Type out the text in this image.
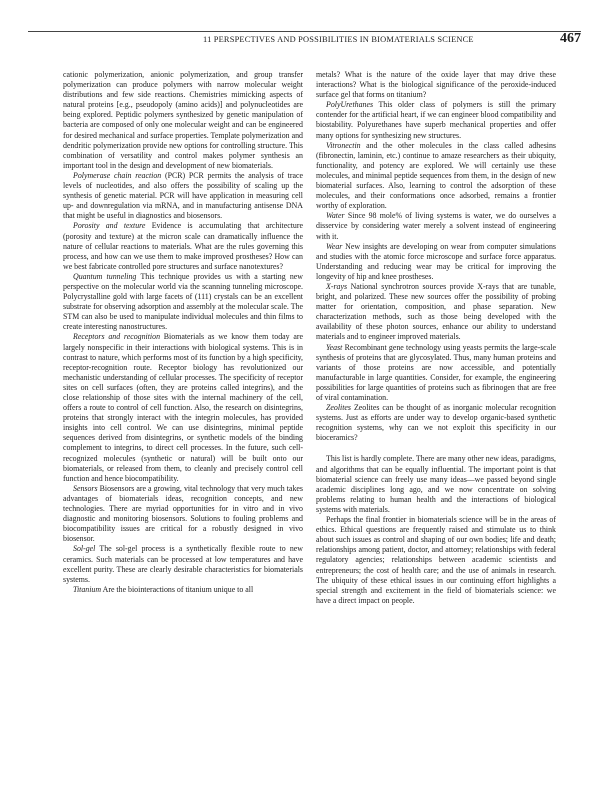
11 PERSPECTIVES AND POSSIBILITIES IN BIOMATERIALS SCIENCE	467

cationic polymerization, anionic polymerization, and group transfer polymerization can produce polymers with narrow molecular weight distributions and few side reactions. Chemistries mimicking aspects of natural proteins [e.g., pseudopoly (amino acids)] and polynucleotides are being explored. Peptidic polymers synthesized by genetic manipulation of bacteria are composed of only one molecular weight and can be engineered for desired mechanical and surface properties. Template polymerization and dendritic polymerization provide new options for controlling structure. This combination of versatility and control makes polymer synthesis an important tool in the design and development of new biomaterials.

Polymerase chain reaction (PCR) PCR permits the analysis of trace levels of nucleotides, and also offers the possibility of scaling up the synthesis of genetic material. PCR will have application in measuring cell up- and downregulation via mRNA, and in manufacturing antisense DNA that might be useful in diagnostics and biosensors.

Porosity and texture Evidence is accumulating that architecture (porosity and texture) at the micron scale can dramatically influence the nature of cellular reactions to materials. What are the rules governing this process, and how can we use them to make improved prostheses? How can we best fabricate controlled pore structures and surface nanotextures?

Quantum tunneling This technique provides us with a starting new perspective on the molecular world via the scanning tunneling microscope. Polycrystalline gold with large facets of (111) crystals can be an excellent substrate for observing adsorption and assembly at the molecular scale. The STM can also be used to manipulate individual molecules and thin films to create interesting nanostructures.

Receptors and recognition Biomaterials as we know them today are largely nonspecific in their interactions with biological systems. This is in contrast to nature, which performs most of its function by a high specificity, receptor-recognition route. Receptor biology has revolutionized our mechanistic understanding of cellular processes. The specificity of receptor sites on cell surfaces (often, they are proteins called integrins), and the close relationship of those sites with the internal machinery of the cell, offers a route to control of cell function. Also, the research on disintegrins, proteins that strongly interact with the integrin molecules, has provided insights into cell control. We can use disintegrins, minimal peptide sequences derived from disintegrins, or synthetic models of the binding complement to integrins, to direct cell processes. In the future, such cell-recognized molecules (synthetic or natural) will be built onto our biomaterials, or released from them, to cleanly and precisely control cell function and hence biocompatibility.

Sensors Biosensors are a growing, vital technology that very much takes advantages of biomaterials ideas, recognition concepts, and new technologies. There are myriad opportunities for in vitro and in vivo diagnostic and monitoring biosensors. Solutions to fouling problems and biocompatibility issues are critical for a robustly designed in vivo biosensor.

Sol-gel The sol-gel process is a synthetically flexible route to new ceramics. Such materials can be processed at low temperatures and have excellent purity. These are clearly desirable characteristics for biomaterials systems.

Titanium Are the biointeractions of titanium unique to all

metals? What is the nature of the oxide layer that may drive these interactions? What is the biological significance of the peroxide-induced surface gel that forms on titanium?

PolyUrethanes This older class of polymers is still the primary contender for the artificial heart, if we can engineer blood compatibility and biostability. Polyurethanes have superb mechanical properties and offer many options for synthesizing new structures.

Vitronectin and the other molecules in the class called adhesins (fibronectin, laminin, etc.) continue to amaze researchers as their ubiquity, functionality, and potency are explored. We will certainly use these molecules, and minimal peptide sequences from them, in the design of new biomaterial surfaces. Also, learning to control the adsorption of these molecules, and their conformations once adsorbed, remains a frontier worthy of exploration.

Water Since 98 mole% of living systems is water, we do ourselves a disservice by considering water merely a solvent instead of engineering with it.

Wear New insights are developing on wear from computer simulations and studies with the atomic force microscope and surface force apparatus. Understanding and reducing wear may be critical for improving the longevity of hip and knee prostheses.

X-rays National synchrotron sources provide X-rays that are tunable, bright, and polarized. These new sources offer the possibility of probing matter for orientation, composition, and phase separation. New characterization methods, such as those being developed with the availability of these photon sources, enhance our ability to understand materials and to engineer improved materials.

Yeast Recombinant gene technology using yeasts permits the large-scale synthesis of proteins that are glycosylated. Thus, many human proteins and variants of those proteins are now accessible, and potentially manufacturable in large quantities. Consider, for example, the engineering possibilities for large quantities of proteins such as fibrinogen that are free of viral contamination.

Zeolites Zeolites can be thought of as inorganic molecular recognition systems. Just as efforts are under way to develop organic-based synthetic recognition systems, why can we not exploit this specificity in our bioceramics?

This list is hardly complete. There are many other new ideas, paradigms, and algorithms that can be equally influential. The important point is that biomaterial science can freely use many ideas—we passed beyond single academic disciplines long ago, and we now concentrate on solving problems relating to human health and the interactions of biological systems with materials.

Perhaps the final frontier in biomaterials science will be in the areas of ethics. Ethical questions are frequently raised and stimulate us to think about such issues as control and shaping of our own bodies; life and death; relationships among patient, doctor, and attorney; relationships with federal regulatory agencies; relationships between academic scientists and entrepreneurs; the cost of health care; and the use of animals in research. The ubiquity of these ethical issues in our continuing effort highlights a special strength and excitement in the field of biomaterials science: we have a direct impact on people.
